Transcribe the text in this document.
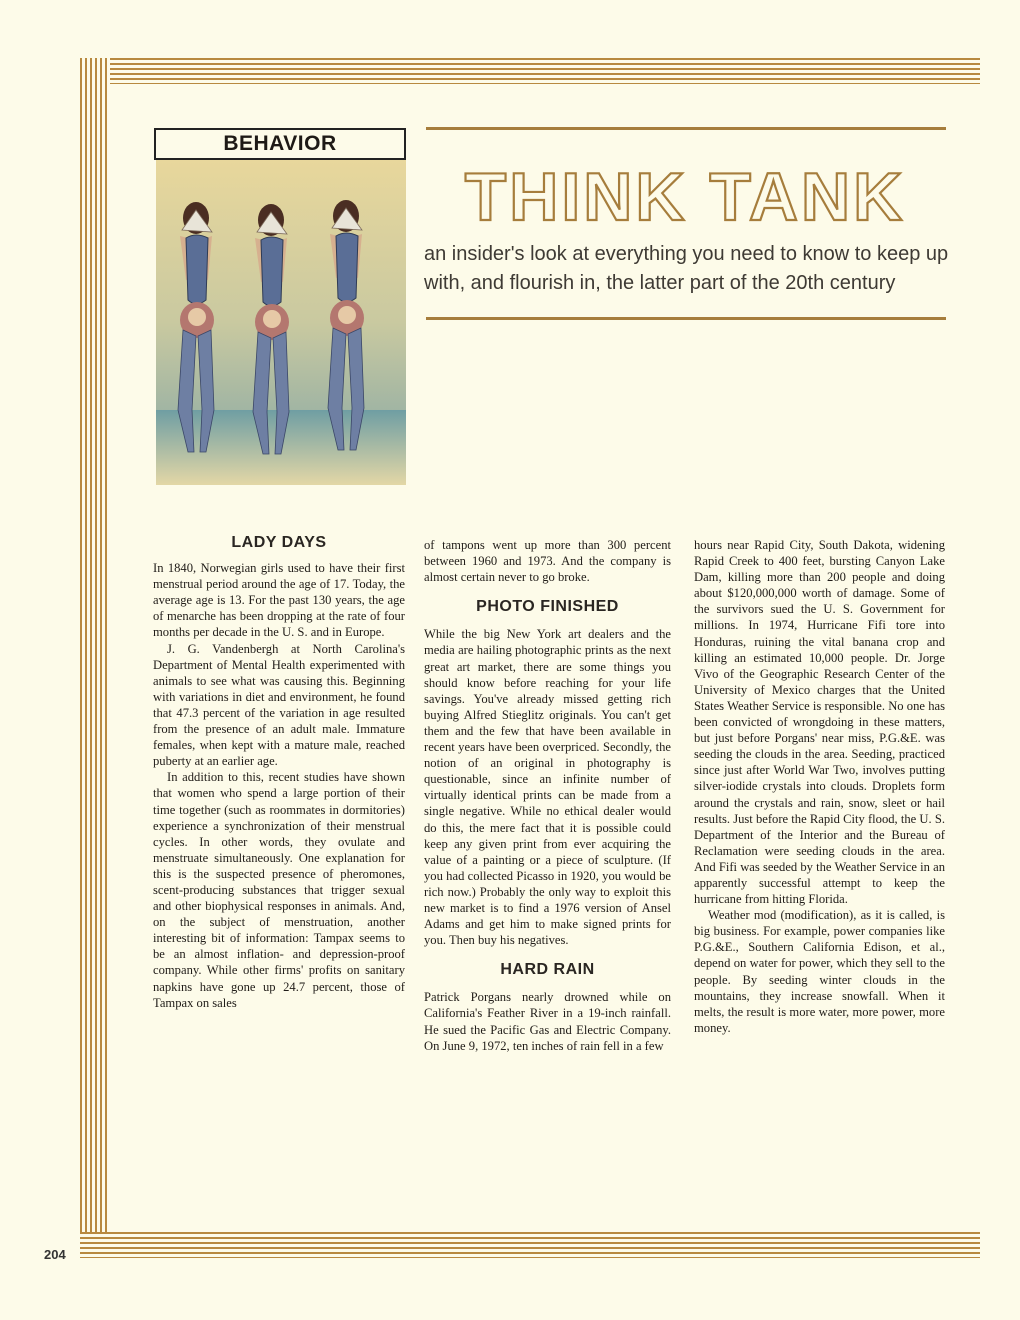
BEHAVIOR
THINK TANK
an insider's look at everything you need to know to keep up with, and flourish in, the latter part of the 20th century
LADY DAYS

In 1840, Norwegian girls used to have their first menstrual period around the age of 17. Today, the average age is 13. For the past 130 years, the age of menarche has been dropping at the rate of four months per decade in the U. S. and in Europe.

J. G. Vandenbergh at North Carolina's Department of Mental Health experimented with animals to see what was causing this. Beginning with variations in diet and environment, he found that 47.3 percent of the variation in age resulted from the presence of an adult male. Immature females, when kept with a mature male, reached puberty at an earlier age.

In addition to this, recent studies have shown that women who spend a large portion of their time together (such as roommates in dormitories) experience a synchronization of their menstrual cycles. In other words, they ovulate and menstruate simultaneously. One explanation for this is the suspected presence of pheromones, scent-producing substances that trigger sexual and other biophysical responses in animals. And, on the subject of menstruation, another interesting bit of information: Tampax seems to be an almost inflation- and depression-proof company. While other firms' profits on sanitary napkins have gone up 24.7 percent, those of Tampax on sales

of tampons went up more than 300 percent between 1960 and 1973. And the company is almost certain never to go broke.

PHOTO FINISHED

While the big New York art dealers and the media are hailing photographic prints as the next great art market, there are some things you should know before reaching for your life savings. You've already missed getting rich buying Alfred Stieglitz originals. You can't get them and the few that have been available in recent years have been overpriced. Secondly, the notion of an original in photography is questionable, since an infinite number of virtually identical prints can be made from a single negative. While no ethical dealer would do this, the mere fact that it is possible could keep any given print from ever acquiring the value of a painting or a piece of sculpture. (If you had collected Picasso in 1920, you would be rich now.) Probably the only way to exploit this new market is to find a 1976 version of Ansel Adams and get him to make signed prints for you. Then buy his negatives.

HARD RAIN

Patrick Porgans nearly drowned while on California's Feather River in a 19-inch rainfall. He sued the Pacific Gas and Electric Company. On June 9, 1972, ten inches of rain fell in a few

hours near Rapid City, South Dakota, widening Rapid Creek to 400 feet, bursting Canyon Lake Dam, killing more than 200 people and doing about $120,000,000 worth of damage. Some of the survivors sued the U. S. Government for millions. In 1974, Hurricane Fifi tore into Honduras, ruining the vital banana crop and killing an estimated 10,000 people. Dr. Jorge Vivo of the Geographic Research Center of the University of Mexico charges that the United States Weather Service is responsible. No one has been convicted of wrongdoing in these matters, but just before Porgans' near miss, P.G.&E. was seeding the clouds in the area. Seeding, practiced since just after World War Two, involves putting silver-iodide crystals into clouds. Droplets form around the crystals and rain, snow, sleet or hail results. Just before the Rapid City flood, the U. S. Department of the Interior and the Bureau of Reclamation were seeding clouds in the area. And Fifi was seeded by the Weather Service in an apparently successful attempt to keep the hurricane from hitting Florida.

Weather mod (modification), as it is called, is big business. For example, power companies like P.G.&E., Southern California Edison, et al., depend on water for power, which they sell to the people. By seeding winter clouds in the mountains, they increase snowfall. When it melts, the result is more water, more power, more money.

204
